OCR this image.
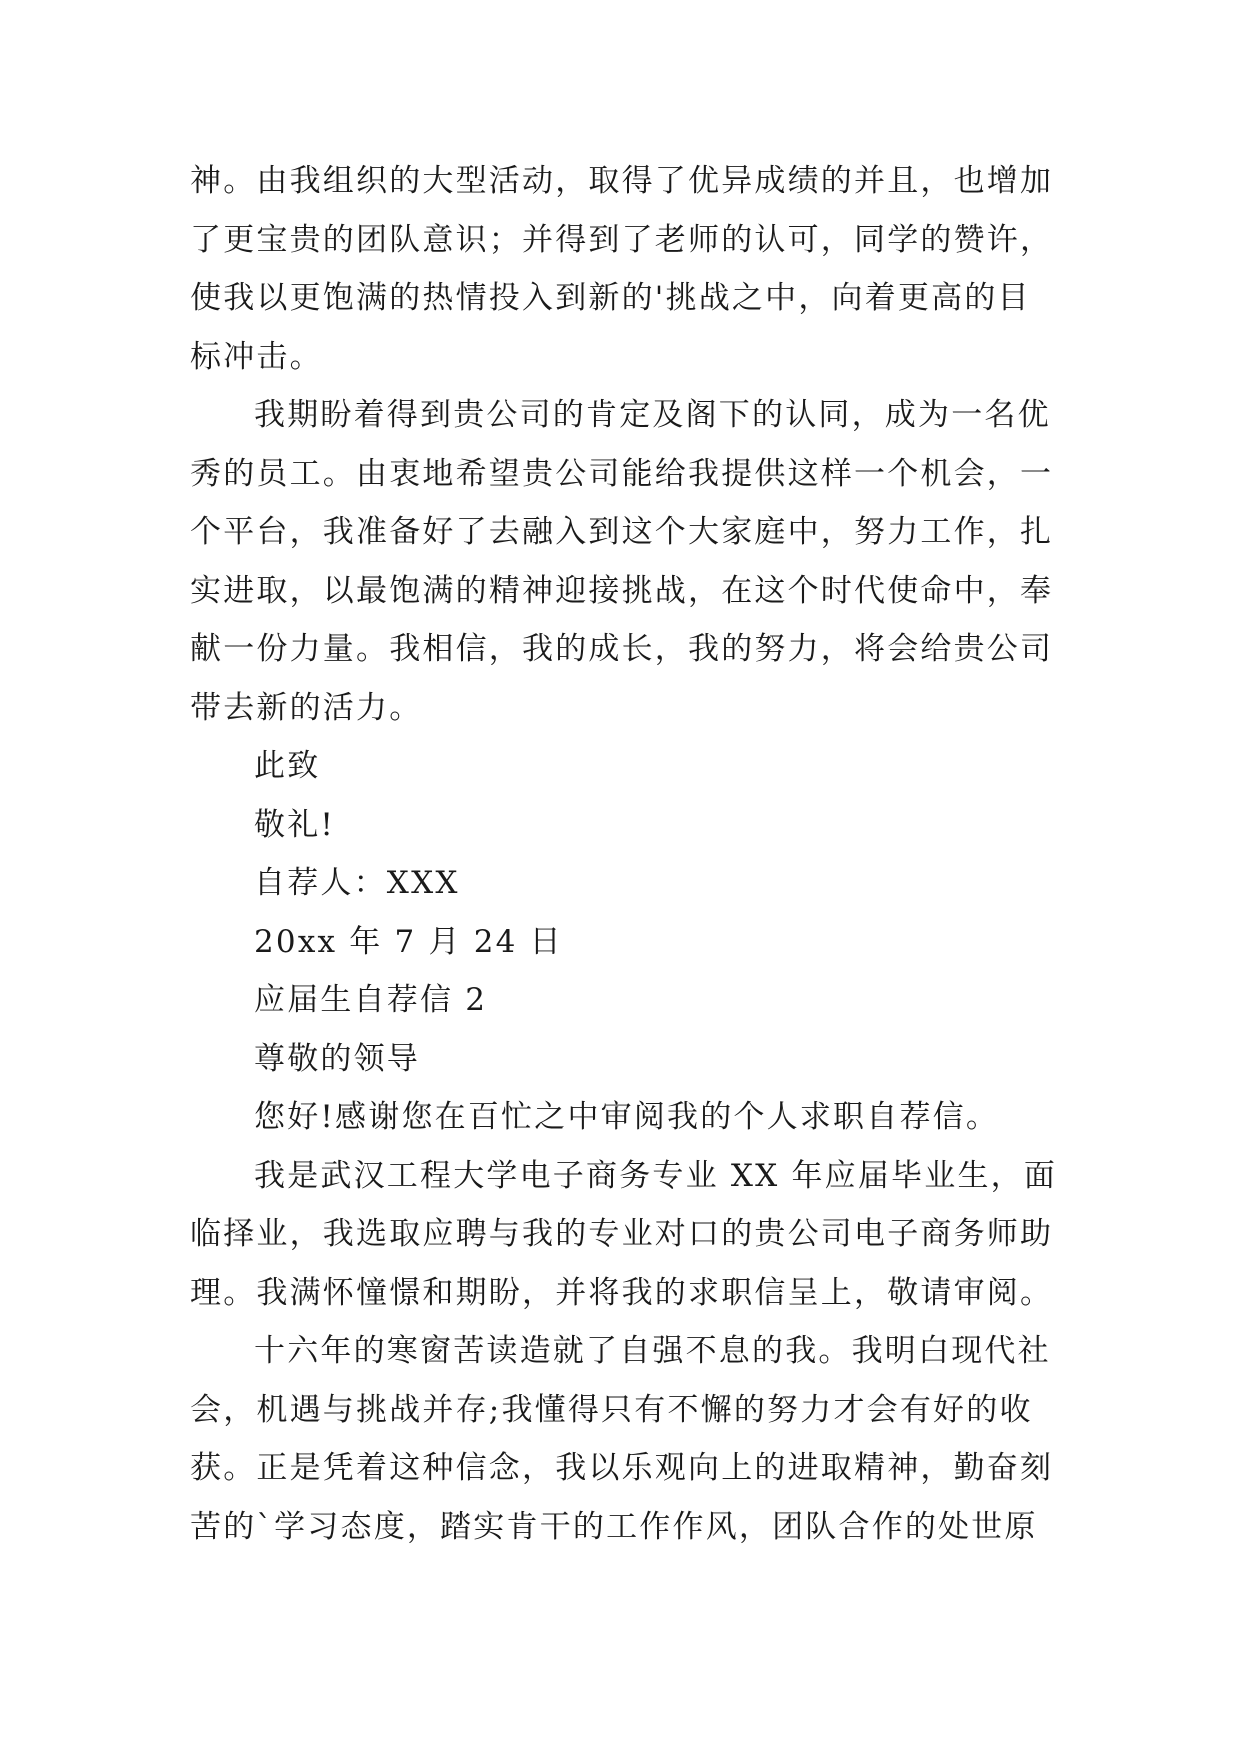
神。由我组织的大型活动，取得了优异成绩的并且，也增加
了更宝贵的团队意识；并得到了老师的认可，同学的赞许，
使我以更饱满的热情投入到新的'挑战之中，向着更高的目
标冲击。
我期盼着得到贵公司的肯定及阁下的认同，成为一名优
秀的员工。由衷地希望贵公司能给我提供这样一个机会，一
个平台，我准备好了去融入到这个大家庭中，努力工作，扎
实进取，以最饱满的精神迎接挑战，在这个时代使命中，奉
献一份力量。我相信，我的成长，我的努力，将会给贵公司
带去新的活力。
此致
敬礼!
自荐人：XXX
20xx 年 7 月 24 日
应届生自荐信 2
尊敬的领导
您好!感谢您在百忙之中审阅我的个人求职自荐信。
我是武汉工程大学电子商务专业 XX 年应届毕业生，面
临择业，我选取应聘与我的专业对口的贵公司电子商务师助
理。我满怀憧憬和期盼，并将我的求职信呈上，敬请审阅。
十六年的寒窗苦读造就了自强不息的我。我明白现代社
会，机遇与挑战并存;我懂得只有不懈的努力才会有好的收
获。正是凭着这种信念，我以乐观向上的进取精神，勤奋刻
苦的`学习态度，踏实肯干的工作作风，团队合作的处世原
